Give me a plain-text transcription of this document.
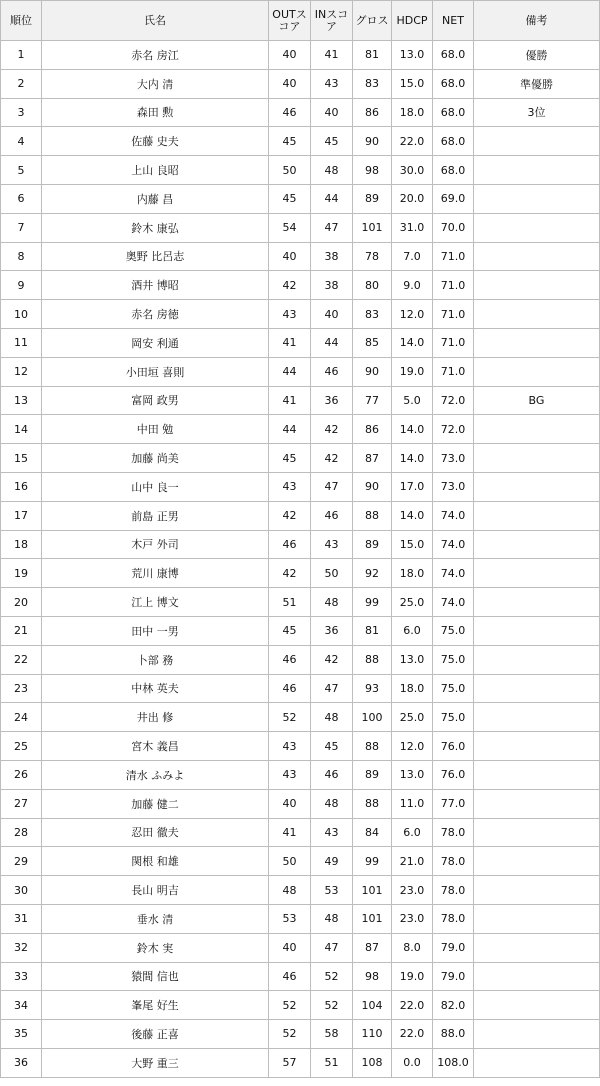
順位	氏名	OUTスコア	INスコア	グロス	HDCP	NET	備考
1	赤名 房江	40	41	81	13.0	68.0	優勝
2	大内 清	40	43	83	15.0	68.0	準優勝
3	森田 勲	46	40	86	18.0	68.0	3位
4	佐藤 史夫	45	45	90	22.0	68.0	
5	上山 良昭	50	48	98	30.0	68.0	
6	内藤 昌	45	44	89	20.0	69.0	
7	鈴木 康弘	54	47	101	31.0	70.0	
8	奥野 比呂志	40	38	78	7.0	71.0	
9	酒井 博昭	42	38	80	9.0	71.0	
10	赤名 房徳	43	40	83	12.0	71.0	
11	岡安 利通	41	44	85	14.0	71.0	
12	小田垣 喜則	44	46	90	19.0	71.0	
13	富岡 政男	41	36	77	5.0	72.0	BG
14	中田 勉	44	42	86	14.0	72.0	
15	加藤 尚美	45	42	87	14.0	73.0	
16	山中 良一	43	47	90	17.0	73.0	
17	前島 正男	42	46	88	14.0	74.0	
18	木戸 外司	46	43	89	15.0	74.0	
19	荒川 康博	42	50	92	18.0	74.0	
20	江上 博文	51	48	99	25.0	74.0	
21	田中 一男	45	36	81	6.0	75.0	
22	卜部 務	46	42	88	13.0	75.0	
23	中林 英夫	46	47	93	18.0	75.0	
24	井出 修	52	48	100	25.0	75.0	
25	宮木 義昌	43	45	88	12.0	76.0	
26	清水 ふみよ	43	46	89	13.0	76.0	
27	加藤 健二	40	48	88	11.0	77.0	
28	忍田 徹夫	41	43	84	6.0	78.0	
29	関根 和雄	50	49	99	21.0	78.0	
30	長山 明吉	48	53	101	23.0	78.0	
31	垂水 清	53	48	101	23.0	78.0	
32	鈴木 実	40	47	87	8.0	79.0	
33	猿間 信也	46	52	98	19.0	79.0	
34	峯尾 好生	52	52	104	22.0	82.0	
35	後藤 正喜	52	58	110	22.0	88.0	
36	大野 重三	57	51	108	0.0	108.0	
